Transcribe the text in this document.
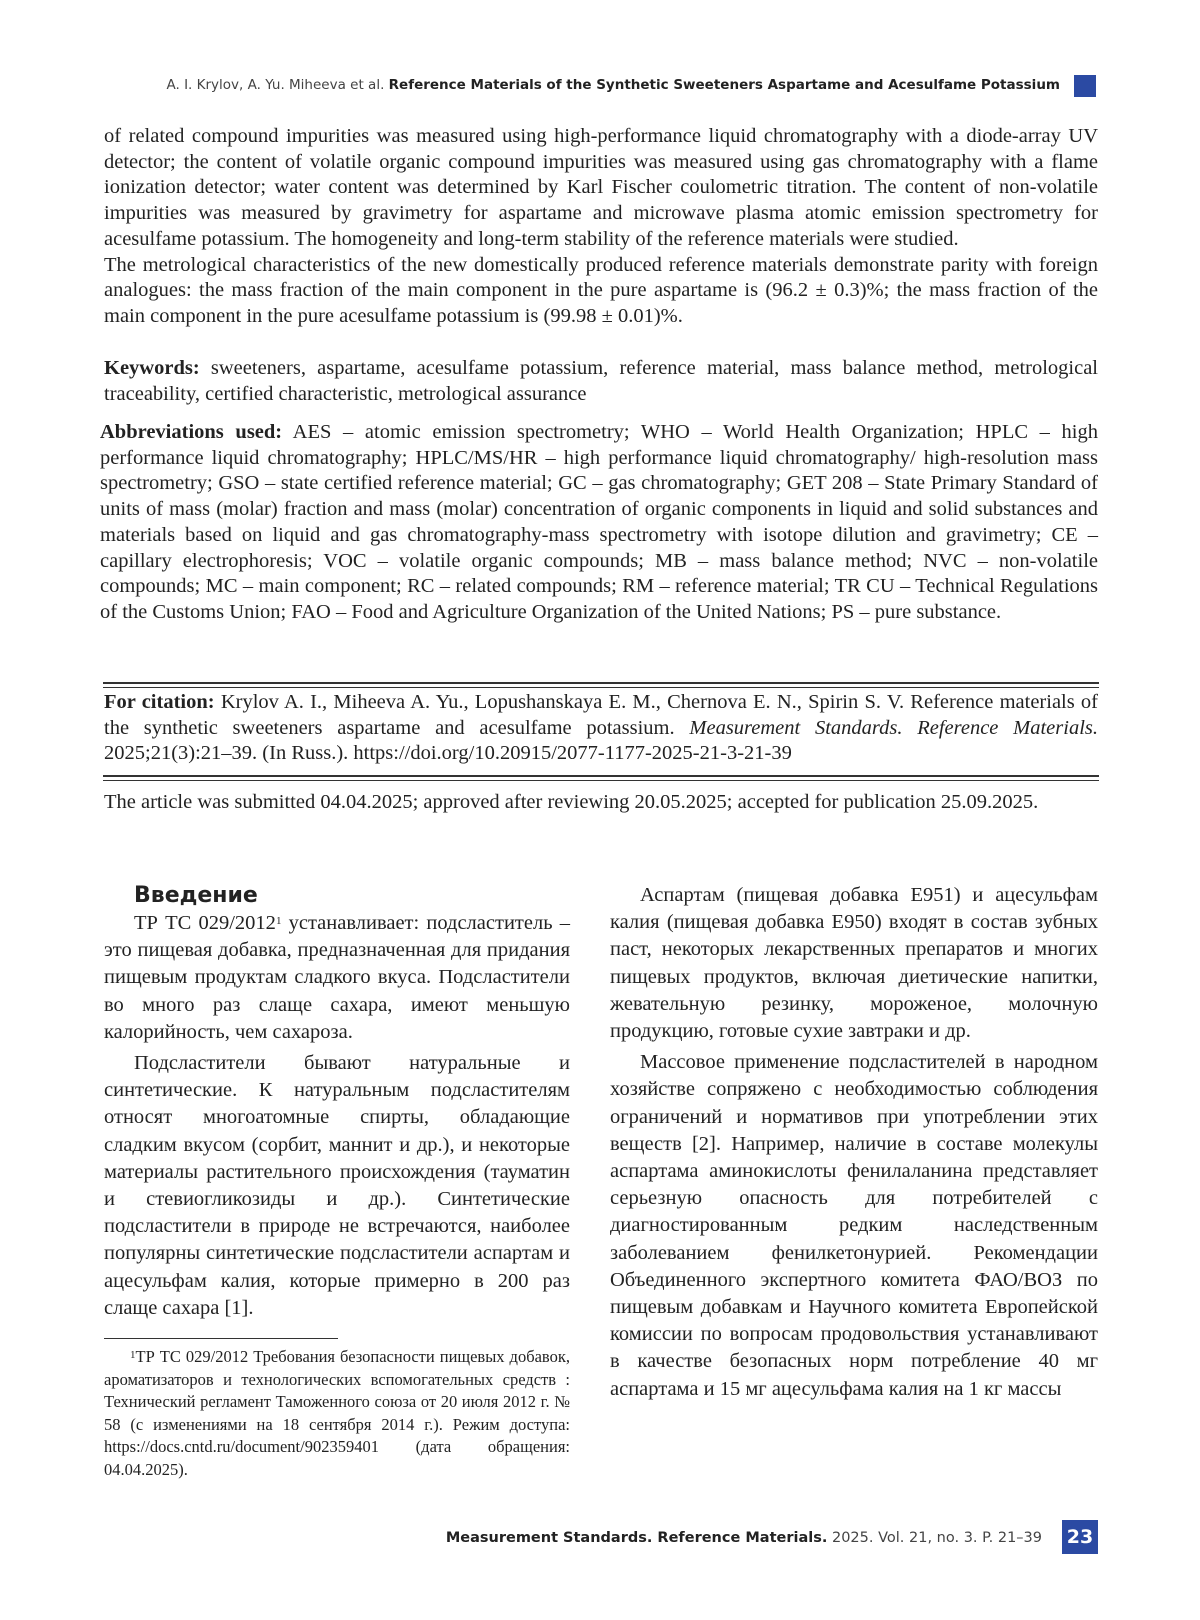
A. I. Krylov, A. Yu. Miheeva et al. Reference Materials of the Synthetic Sweeteners Aspartame and Acesulfame Potassium

of related compound impurities was measured using high-performance liquid chromatography with a diode-array UV detector; the content of volatile organic compound impurities was measured using gas chromatography with a flame ionization detector; water content was determined by Karl Fischer coulometric titration. The content of non-volatile impurities was measured by gravimetry for aspartame and microwave plasma atomic emission spectrometry for acesulfame potassium. The homogeneity and long-term stability of the reference materials were studied.

The metrological characteristics of the new domestically produced reference materials demonstrate parity with foreign analogues: the mass fraction of the main component in the pure aspartame is (96.2 ± 0.3)%; the mass fraction of the main component in the pure acesulfame potassium is (99.98 ± 0.01)%.

Keywords: sweeteners, aspartame, acesulfame potassium, reference material, mass balance method, metrological traceability, certified characteristic, metrological assurance

Abbreviations used: AES – atomic emission spectrometry; WHO – World Health Organization; HPLC – high performance liquid chromatography; HPLC/MS/HR – high performance liquid chromatography/ high-resolution mass spectrometry; GSO – state certified reference material; GC – gas chromatography; GET 208 – State Primary Standard of units of mass (molar) fraction and mass (molar) concentration of organic components in liquid and solid substances and materials based on liquid and gas chromatography-mass spectrometry with isotope dilution and gravimetry; CE – capillary electrophoresis; VOC – volatile organic compounds; MB – mass balance method; NVC – non-volatile compounds; MC – main component; RC – related compounds; RM – reference material; TR CU – Technical Regulations of the Customs Union; FAO – Food and Agriculture Organization of the United Nations; PS – pure substance.

For citation: Krylov A. I., Miheeva A. Yu., Lopushanskaya E. M., Chernova E. N., Spirin S. V. Reference materials of the synthetic sweeteners aspartame and acesulfame potassium. Measurement Standards. Reference Materials. 2025;21(3):21–39. (In Russ.). https://doi.org/10.20915/2077-1177-2025-21-3-21-39

The article was submitted 04.04.2025; approved after reviewing 20.05.2025; accepted for publication 25.09.2025.

Введение

ТР ТС 029/2012$^1$ устанавливает: подсластитель – это пищевая добавка, предназначенная для придания пищевым продуктам сладкого вкуса. Подсластители во много раз слаще сахара, имеют меньшую калорийность, чем сахароза.

Подсластители бывают натуральные и синтетические. К натуральным подсластителям относят многоатомные спирты, обладающие сладким вкусом (сорбит, маннит и др.), и некоторые материалы растительного происхождения (тауматин и стевиогликозиды и др.). Синтетические подсластители в природе не встречаются, наиболее популярны синтетические подсластители аспартам и ацесульфам калия, которые примерно в 200 раз слаще сахара [1].

$^1$ТР ТС 029/2012 Требования безопасности пищевых добавок, ароматизаторов и технологических вспомогательных средств : Технический регламент Таможенного союза от 20 июля 2012 г. № 58 (с изменениями на 18 сентября 2014 г.). Режим доступа: https://docs.cntd.ru/document/902359401 (дата обращения: 04.04.2025).

Аспартам (пищевая добавка Е951) и ацесульфам калия (пищевая добавка Е950) входят в состав зубных паст, некоторых лекарственных препаратов и многих пищевых продуктов, включая диетические напитки, жевательную резинку, мороженое, молочную продукцию, готовые сухие завтраки и др.

Массовое применение подсластителей в народном хозяйстве сопряжено с необходимостью соблюдения ограничений и нормативов при употреблении этих веществ [2]. Например, наличие в составе молекулы аспартама аминокислоты фенилаланина представляет серьезную опасность для потребителей с диагностированным редким наследственным заболеванием фенилкетонурией. Рекомендации Объединенного экспертного комитета ФАО/ВОЗ по пищевым добавкам и Научного комитета Европейской комиссии по вопросам продовольствия устанавливают в качестве безопасных норм потребление 40 мг аспартама и 15 мг ацесульфама калия на 1 кг массы

Measurement Standards. Reference Materials. 2025. Vol. 21, no. 3. P. 21–39 23
